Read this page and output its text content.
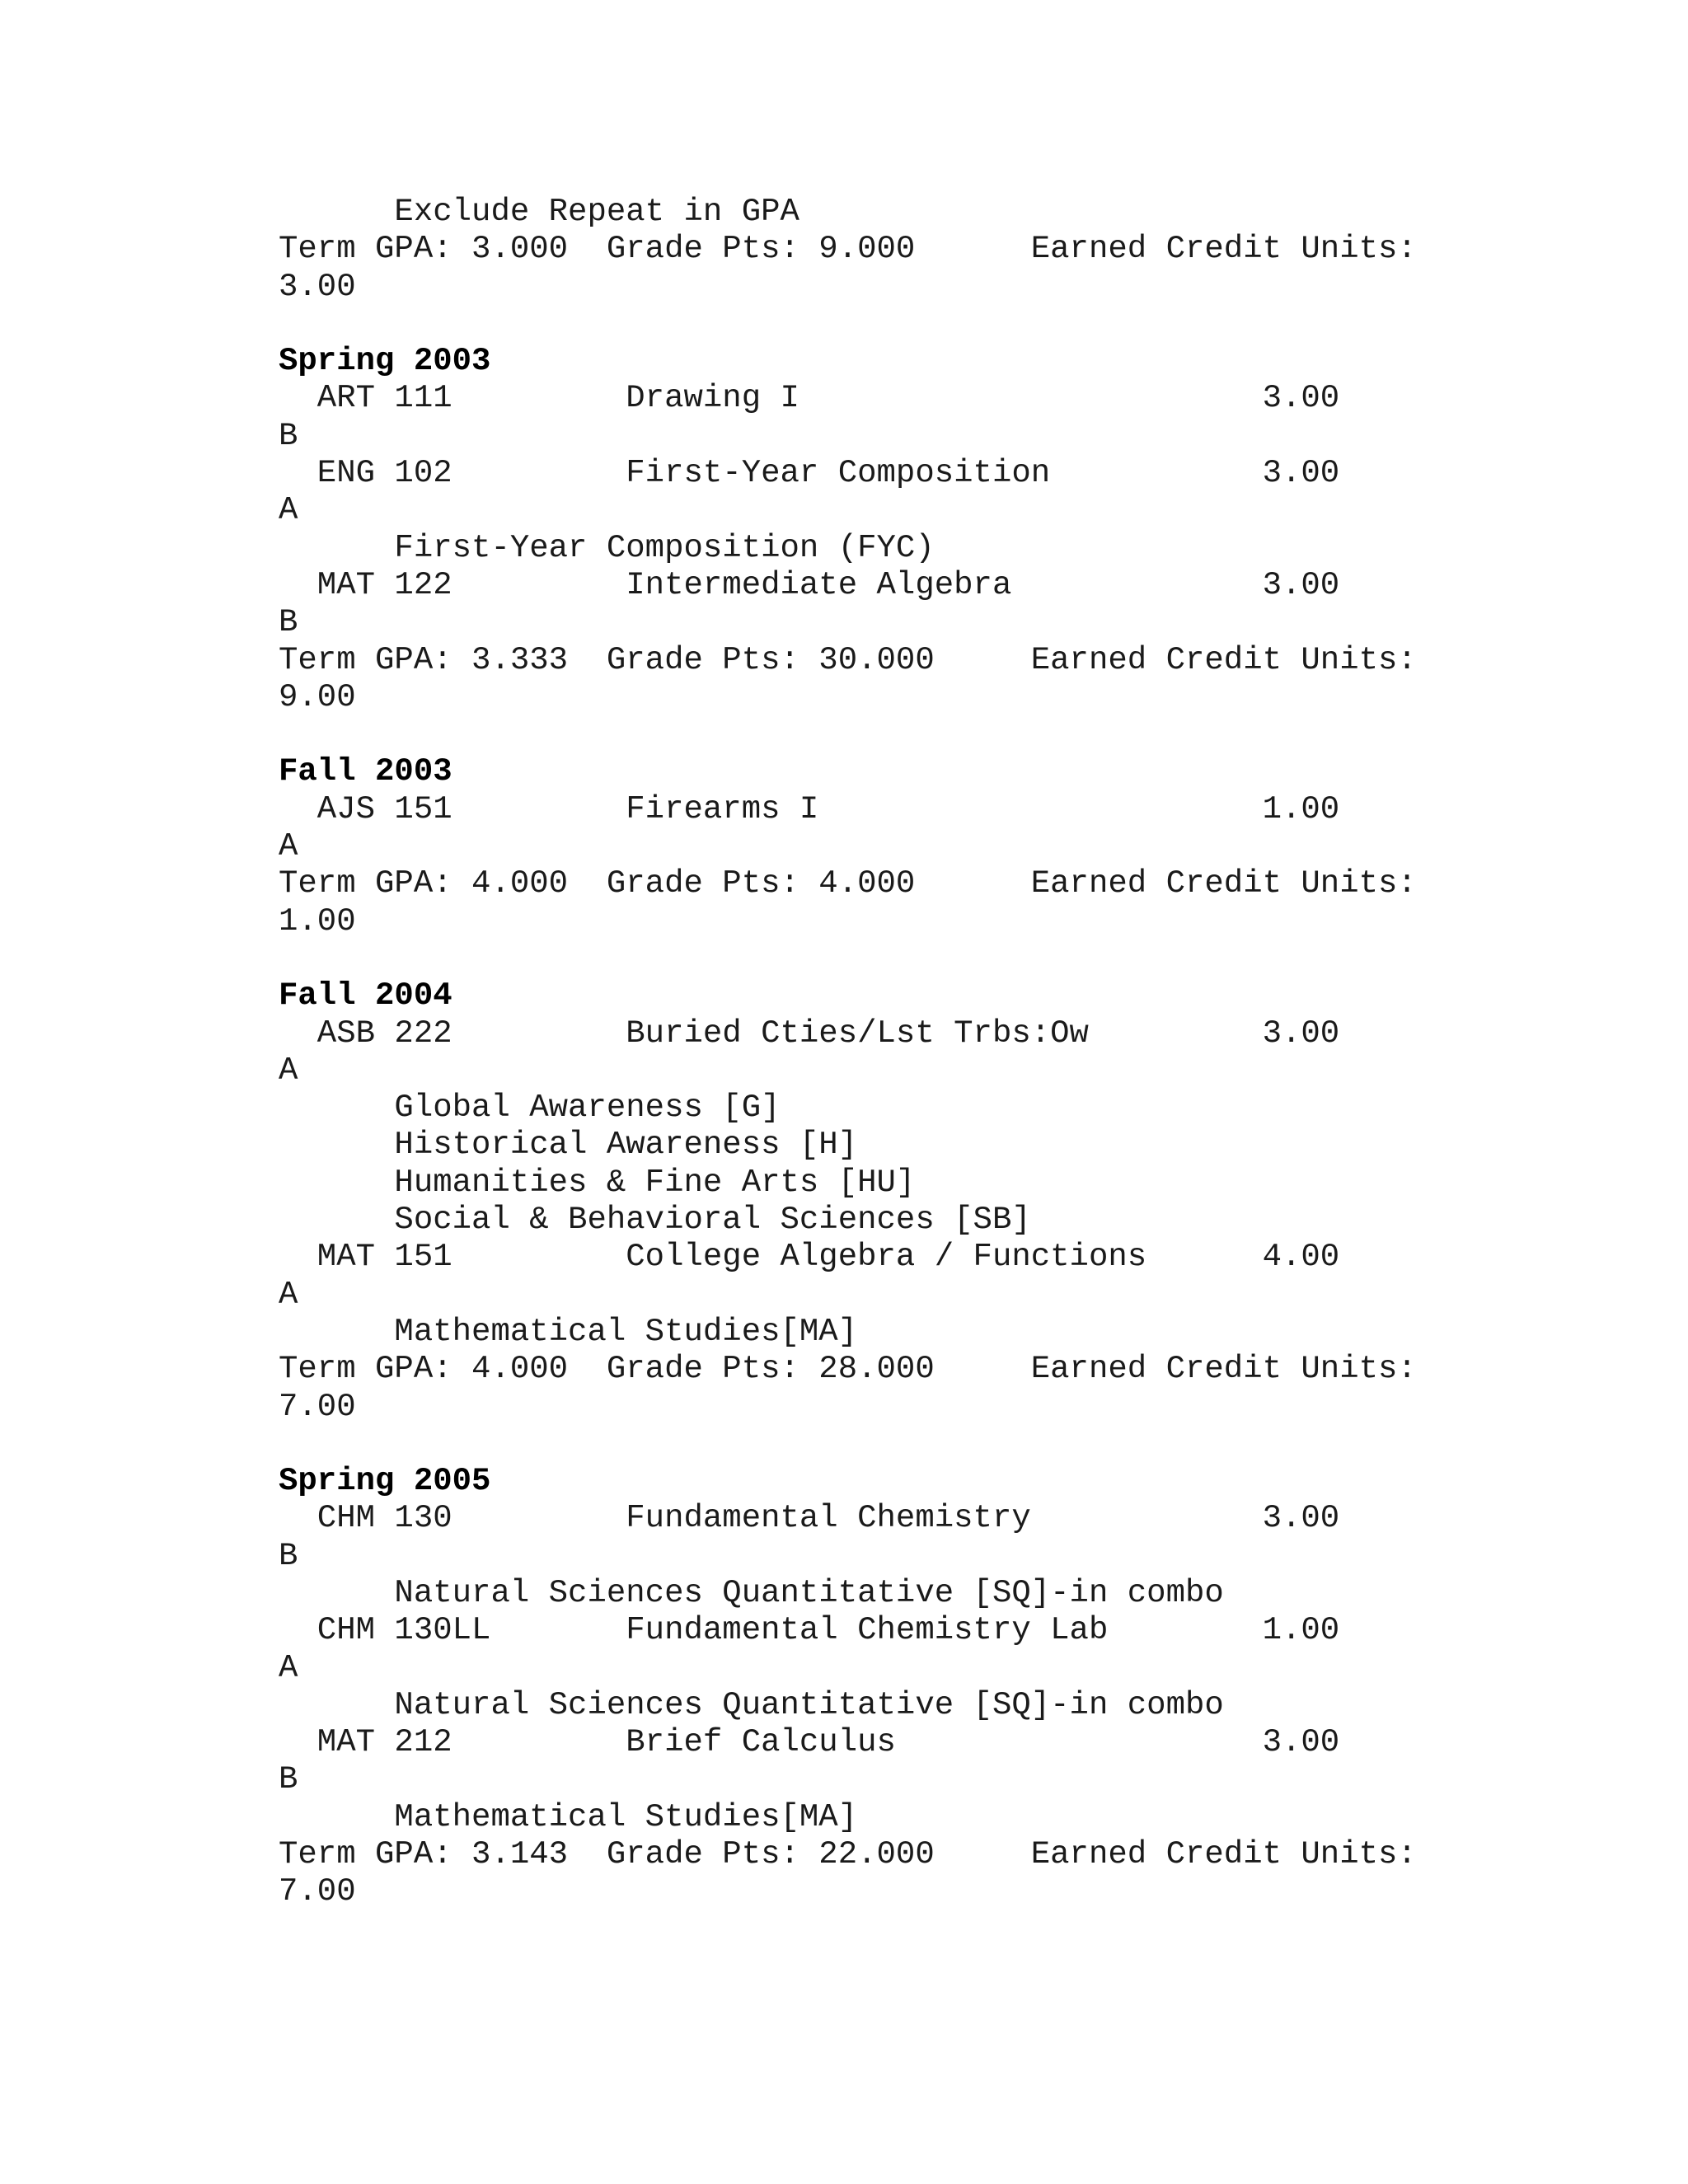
Exclude Repeat in GPA
Term GPA: 3.000  Grade Pts: 9.000      Earned Credit Units:
3.00
Spring 2003
ART 111         Drawing I                        3.00
B
ENG 102         First-Year Composition           3.00
A
First-Year Composition (FYC)
MAT 122         Intermediate Algebra             3.00
B
Term GPA: 3.333  Grade Pts: 30.000     Earned Credit Units:
9.00
Fall 2003
AJS 151         Firearms I                       1.00
A
Term GPA: 4.000  Grade Pts: 4.000      Earned Credit Units:
1.00
Fall 2004
ASB 222         Buried Cties/Lst Trbs:Ow         3.00
A
Global Awareness [G]
Historical Awareness [H]
Humanities & Fine Arts [HU]
Social & Behavioral Sciences [SB]
MAT 151         College Algebra / Functions      4.00
A
Mathematical Studies[MA]
Term GPA: 4.000  Grade Pts: 28.000     Earned Credit Units:
7.00
Spring 2005
CHM 130         Fundamental Chemistry            3.00
B
Natural Sciences Quantitative [SQ]-in combo
CHM 130LL       Fundamental Chemistry Lab        1.00
A
Natural Sciences Quantitative [SQ]-in combo
MAT 212         Brief Calculus                   3.00
B
Mathematical Studies[MA]
Term GPA: 3.143  Grade Pts: 22.000     Earned Credit Units:
7.00
